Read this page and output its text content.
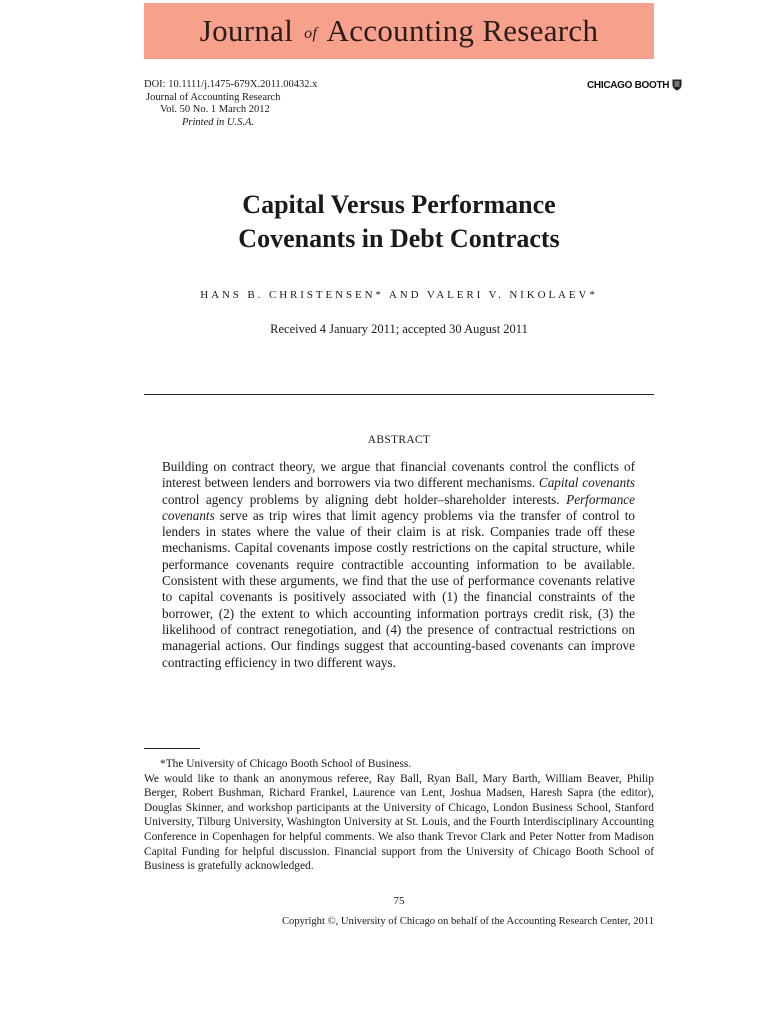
Journal of Accounting Research
DOI: 10.1111/j.1475-679X.2011.00432.x
Journal of Accounting Research
Vol. 50 No. 1 March 2012
Printed in U.S.A.
CHICAGO BOOTH
Capital Versus Performance
Covenants in Debt Contracts
HANS B. CHRISTENSEN* AND VALERI V. NIKOLAEV*
Received 4 January 2011; accepted 30 August 2011
ABSTRACT

Building on contract theory, we argue that financial covenants control the conflicts of interest between lenders and borrowers via two different mechanisms. Capital covenants control agency problems by aligning debt holder–shareholder interests. Performance covenants serve as trip wires that limit agency problems via the transfer of control to lenders in states where the value of their claim is at risk. Companies trade off these mechanisms. Capital covenants impose costly restrictions on the capital structure, while performance covenants require contractible accounting information to be available. Consistent with these arguments, we find that the use of performance covenants relative to capital covenants is positively associated with (1) the financial constraints of the borrower, (2) the extent to which accounting information portrays credit risk, (3) the likelihood of contract renegotiation, and (4) the presence of contractual restrictions on managerial actions. Our findings suggest that accounting-based covenants can improve contracting efficiency in two different ways.

*The University of Chicago Booth School of Business.

We would like to thank an anonymous referee, Ray Ball, Ryan Ball, Mary Barth, William Beaver, Philip Berger, Robert Bushman, Richard Frankel, Laurence van Lent, Joshua Madsen, Haresh Sapra (the editor), Douglas Skinner, and workshop participants at the University of Chicago, London Business School, Stanford University, Tilburg University, Washington University at St. Louis, and the Fourth Interdisciplinary Accounting Conference in Copenhagen for helpful comments. We also thank Trevor Clark and Peter Notter from Madison Capital Funding for helpful discussion. Financial support from the University of Chicago Booth School of Business is gratefully acknowledged.

75
Copyright ©, University of Chicago on behalf of the Accounting Research Center, 2011
